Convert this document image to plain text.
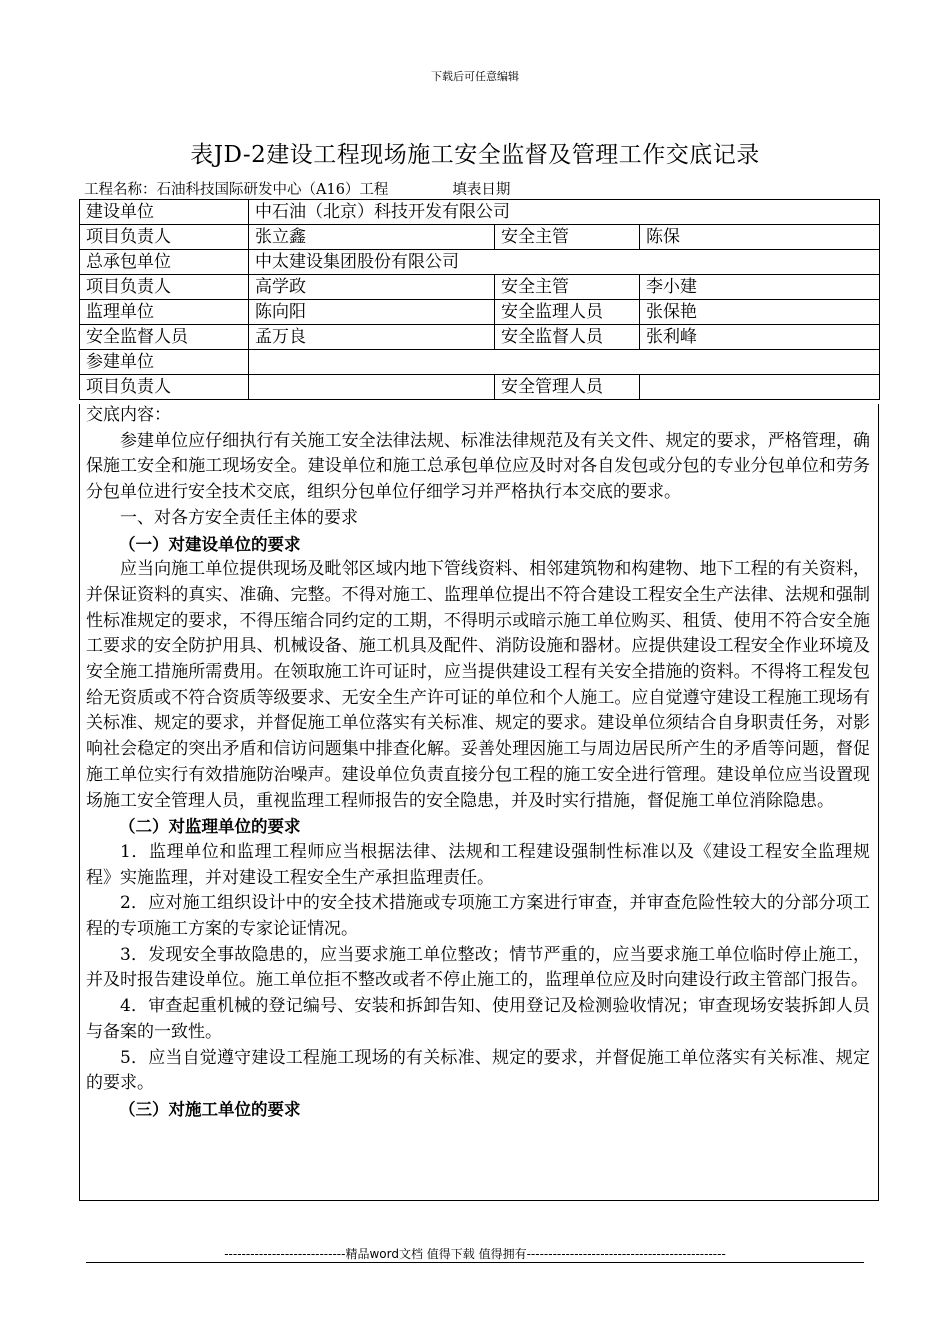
下载后可任意编辑
表JD-2建设工程现场施工安全监督及管理工作交底记录
工程名称：石油科技国际研发中心（A16）工程	填表日期
建设单位	中石油（北京）科技开发有限公司		
项目负责人	张立鑫	安全主管	陈保
总承包单位	中太建设集团股份有限公司		
项目负责人	高学政	安全主管	李小建
监理单位	陈向阳	安全监理人员	张保艳
安全监督人员	孟万良	安全监督人员	张利峰
参建单位			
项目负责人		安全管理人员	

交底内容：

参建单位应仔细执行有关施工安全法律法规、标准法律规范及有关文件、规定的要求，严格管理，确保施工安全和施工现场安全。建设单位和施工总承包单位应及时对各自发包或分包的专业分包单位和劳务分包单位进行安全技术交底，组织分包单位仔细学习并严格执行本交底的要求。

一、对各方安全责任主体的要求

（一）对建设单位的要求

应当向施工单位提供现场及毗邻区域内地下管线资料、相邻建筑物和构建物、地下工程的有关资料，并保证资料的真实、准确、完整。不得对施工、监理单位提出不符合建设工程安全生产法律、法规和强制性标准规定的要求，不得压缩合同约定的工期，不得明示或暗示施工单位购买、租赁、使用不符合安全施工要求的安全防护用具、机械设备、施工机具及配件、消防设施和器材。应提供建设工程安全作业环境及安全施工措施所需费用。在领取施工许可证时，应当提供建设工程有关安全措施的资料。不得将工程发包给无资质或不符合资质等级要求、无安全生产许可证的单位和个人施工。应自觉遵守建设工程施工现场有关标准、规定的要求，并督促施工单位落实有关标准、规定的要求。建设单位须结合自身职责任务，对影响社会稳定的突出矛盾和信访问题集中排查化解。妥善处理因施工与周边居民所产生的矛盾等问题，督促施工单位实行有效措施防治噪声。建设单位负责直接分包工程的施工安全进行管理。建设单位应当设置现场施工安全管理人员，重视监理工程师报告的安全隐患，并及时实行措施，督促施工单位消除隐患。

（二）对监理单位的要求

1．监理单位和监理工程师应当根据法律、法规和工程建设强制性标准以及《建设工程安全监理规程》实施监理，并对建设工程安全生产承担监理责任。

2．应对施工组织设计中的安全技术措施或专项施工方案进行审查，并审查危险性较大的分部分项工程的专项施工方案的专家论证情况。

3．发现安全事故隐患的，应当要求施工单位整改；情节严重的，应当要求施工单位临时停止施工，并及时报告建设单位。施工单位拒不整改或者不停止施工的，监理单位应及时向建设行政主管部门报告。

4．审查起重机械的登记编号、安装和拆卸告知、使用登记及检测验收情况；审查现场安装拆卸人员与备案的一致性。

5．应当自觉遵守建设工程施工现场的有关标准、规定的要求，并督促施工单位落实有关标准、规定的要求。

（三）对施工单位的要求

----------------------------精品word文档 值得下载 值得拥有----------------------------------------------
